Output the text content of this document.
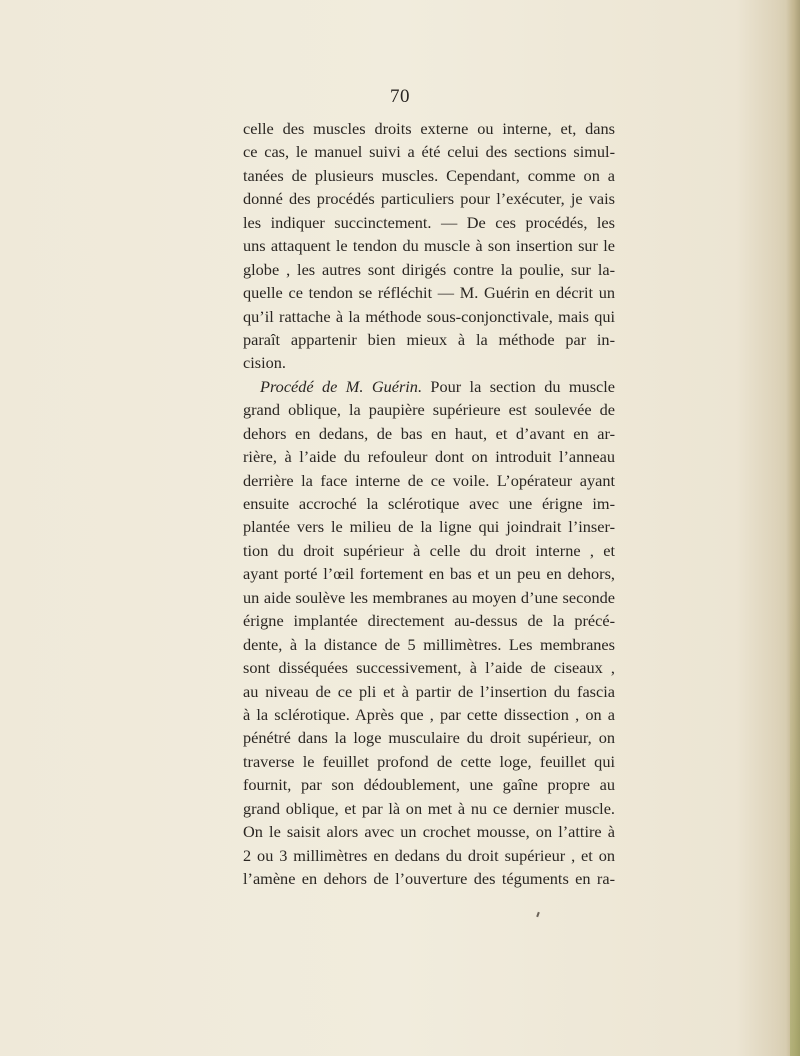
70
celle des muscles droits externe ou interne, et, dans
ce cas, le manuel suivi a été celui des sections simul-
tanées de plusieurs muscles. Cependant, comme on a
donné des procédés particuliers pour l’exécuter, je vais
les indiquer succinctement. — De ces procédés, les
uns attaquent le tendon du muscle à son insertion sur le
globe , les autres sont dirigés contre la poulie, sur la-
quelle ce tendon se réfléchit — M. Guérin en décrit un
qu’il rattache à la méthode sous-conjonctivale, mais qui
paraît appartenir bien mieux à la méthode par in-
cision.
Procédé de M. Guérin. Pour la section du muscle
grand oblique, la paupière supérieure est soulevée de
dehors en dedans, de bas en haut, et d’avant en ar-
rière, à l’aide du refouleur dont on introduit l’anneau
derrière la face interne de ce voile. L’opérateur ayant
ensuite accroché la sclérotique avec une érigne im-
plantée vers le milieu de la ligne qui joindrait l’inser-
tion du droit supérieur à celle du droit interne , et
ayant porté l’œil fortement en bas et un peu en dehors,
un aide soulève les membranes au moyen d’une seconde
érigne implantée directement au-dessus de la précé-
dente, à la distance de 5 millimètres. Les membranes
sont disséquées successivement, à l’aide de ciseaux ,
au niveau de ce pli et à partir de l’insertion du fascia
à la sclérotique. Après que , par cette dissection , on a
pénétré dans la loge musculaire du droit supérieur, on
traverse le feuillet profond de cette loge, feuillet qui
fournit, par son dédoublement, une gaîne propre au
grand oblique, et par là on met à nu ce dernier muscle.
On le saisit alors avec un crochet mousse, on l’attire à
2 ou 3 millimètres en dedans du droit supérieur , et on
l’amène en dehors de l’ouverture des téguments en ra-
